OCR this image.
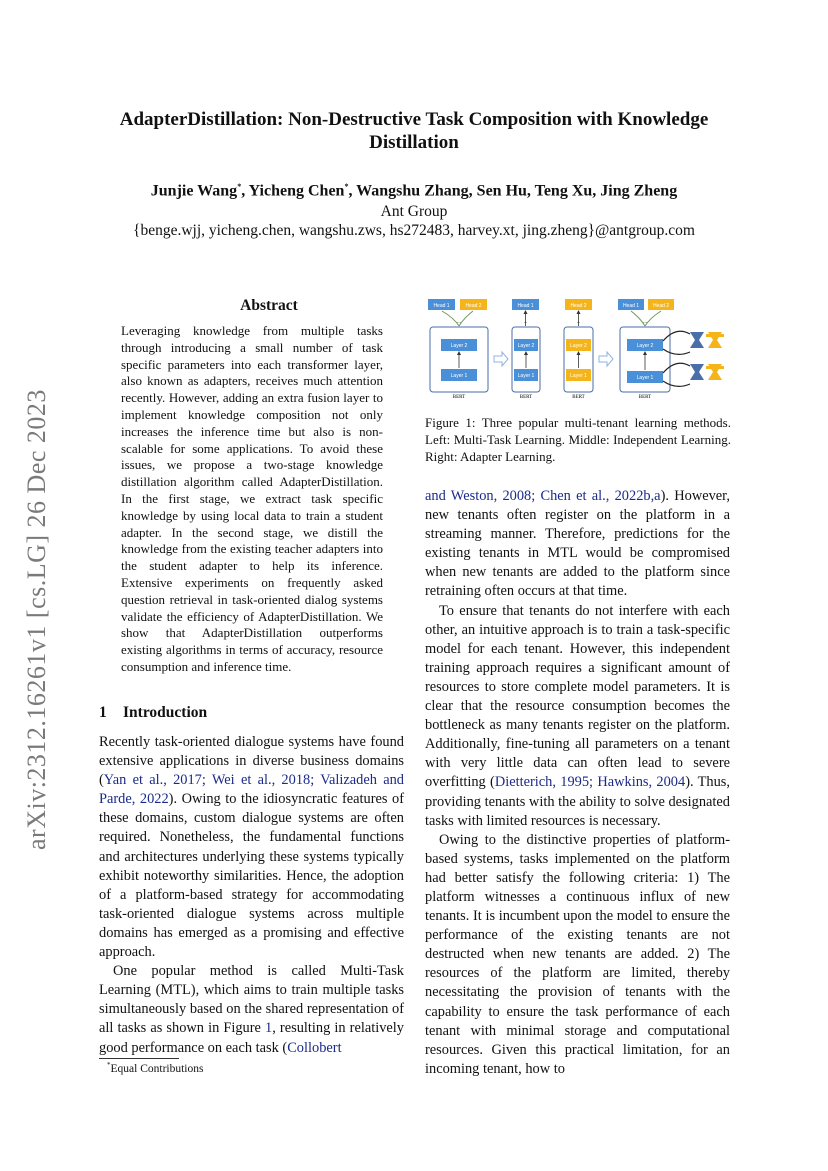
arXiv:2312.16261v1 [cs.LG] 26 Dec 2023
AdapterDistillation: Non-Destructive Task Composition with Knowledge Distillation
Junjie Wang*, Yicheng Chen*, Wangshu Zhang, Sen Hu, Teng Xu, Jing Zheng
Ant Group
{benge.wjj, yicheng.chen, wangshu.zws, hs272483, harvey.xt, jing.zheng}@antgroup.com
Abstract
Leveraging knowledge from multiple tasks through introducing a small number of task specific parameters into each transformer layer, also known as adapters, receives much attention recently. However, adding an extra fusion layer to implement knowledge composition not only increases the inference time but also is non-scalable for some applications. To avoid these issues, we propose a two-stage knowledge distillation algorithm called AdapterDistillation. In the first stage, we extract task specific knowledge by using local data to train a student adapter. In the second stage, we distill the knowledge from the existing teacher adapters into the student adapter to help its inference. Extensive experiments on frequently asked question retrieval in task-oriented dialog systems validate the efficiency of AdapterDistillation. We show that AdapterDistillation outperforms existing algorithms in terms of accuracy, resource consumption and inference time.
1 Introduction

Recently task-oriented dialogue systems have found extensive applications in diverse business domains (Yan et al., 2017; Wei et al., 2018; Valizadeh and Parde, 2022). Owing to the idiosyncratic features of these domains, custom dialogue systems are often required. Nonetheless, the fundamental functions and architectures underlying these systems typically exhibit noteworthy similarities. Hence, the adoption of a platform-based strategy for accommodating task-oriented dialogue systems across multiple domains has emerged as a promising and effective approach.

One popular method is called Multi-Task Learning (MTL), which aims to train multiple tasks simultaneously based on the shared representation of all tasks as shown in Figure 1, resulting in relatively good performance on each task (Collobert

*Equal Contributions
Head 1	Head 2
...
Layer 2
Layer 1
BERT
Head 1
...
Layer 2
Layer 1
BERT
Head 2
...
Layer 2
Layer 1
BERT
Head 1	Head 2
...
Layer 2
Layer 1
BERT
Figure 1: Three popular multi-tenant learning methods. Left: Multi-Task Learning. Middle: Independent Learning. Right: Adapter Learning.

and Weston, 2008; Chen et al., 2022b,a). However, new tenants often register on the platform in a streaming manner. Therefore, predictions for the existing tenants in MTL would be compromised when new tenants are added to the platform since retraining often occurs at that time.

To ensure that tenants do not interfere with each other, an intuitive approach is to train a task-specific model for each tenant. However, this independent training approach requires a significant amount of resources to store complete model parameters. It is clear that the resource consumption becomes the bottleneck as many tenants register on the platform. Additionally, fine-tuning all parameters on a tenant with very little data can often lead to severe overfitting (Dietterich, 1995; Hawkins, 2004). Thus, providing tenants with the ability to solve designated tasks with limited resources is necessary.

Owing to the distinctive properties of platform-based systems, tasks implemented on the platform had better satisfy the following criteria: 1) The platform witnesses a continuous influx of new tenants. It is incumbent upon the model to ensure the performance of the existing tenants are not destructed when new tenants are added. 2) The resources of the platform are limited, thereby necessitating the provision of tenants with the capability to ensure the task performance of each tenant with minimal storage and computational resources. Given this practical limitation, for an incoming tenant, how to
